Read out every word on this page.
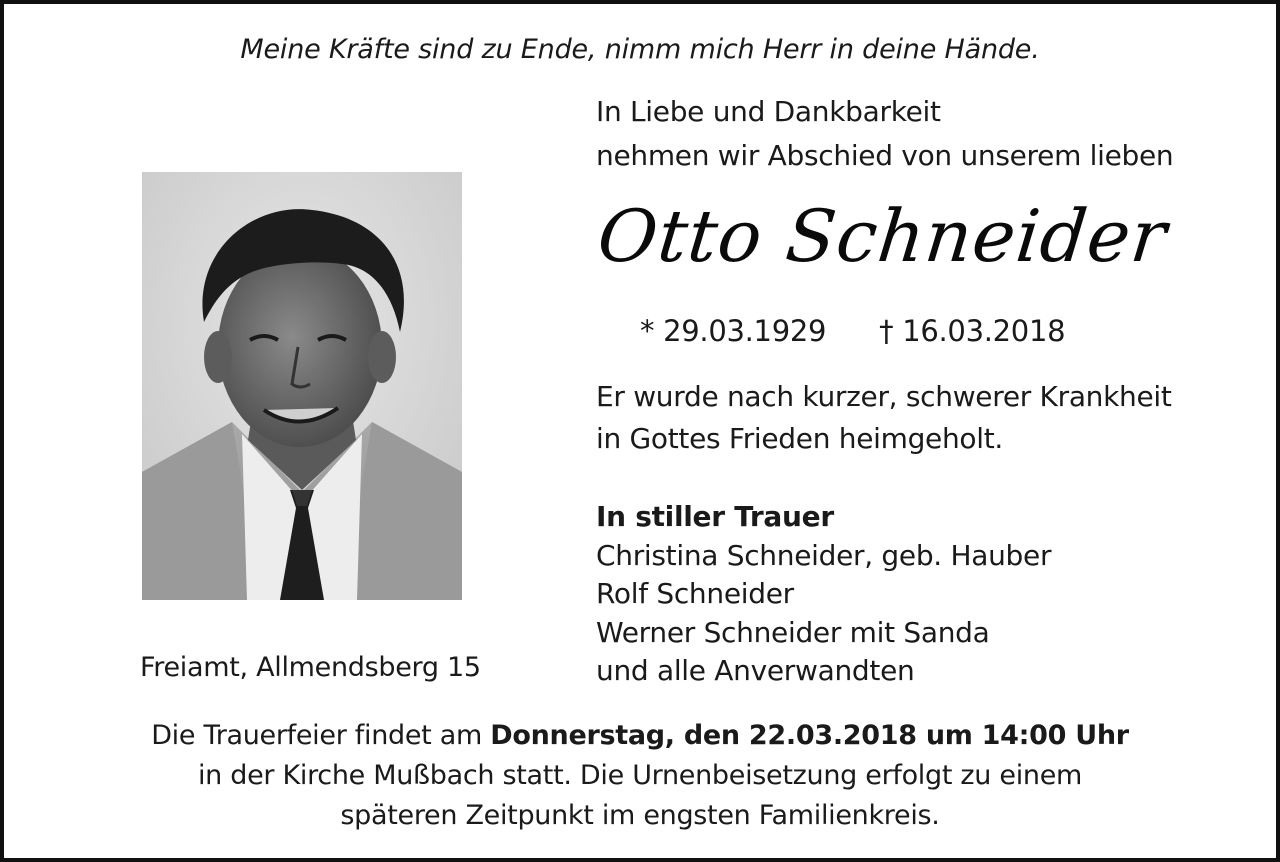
Meine Kräfte sind zu Ende, nimm mich Herr in deine Hände.
In Liebe und Dankbarkeit
nehmen wir Abschied von unserem lieben
Otto Schneider
* 29.03.1929 † 16.03.2018
Er wurde nach kurzer, schwerer Krankheit
in Gottes Frieden heimgeholt.
In stiller Trauer
Christina Schneider, geb. Hauber
Rolf Schneider
Werner Schneider mit Sanda
und alle Anverwandten
Freiamt, Allmendsberg 15
Die Trauerfeier findet am Donnerstag, den 22.03.2018 um 14:00 Uhr
in der Kirche Mußbach statt. Die Urnenbeisetzung erfolgt zu einem
späteren Zeitpunkt im engsten Familienkreis.
